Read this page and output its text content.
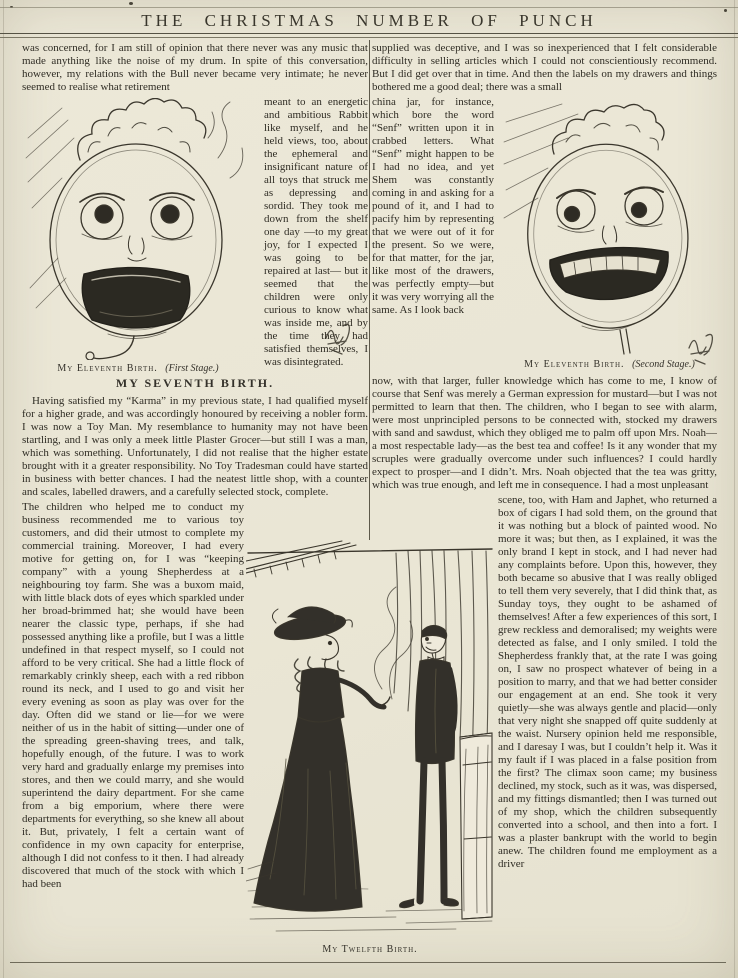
THE CHRISTMAS NUMBER OF PUNCH

was concerned, for I am still of opinion that there never was any music that made anything like the noise of my drum. In spite of this conversation, however, my relations with the Bull never became very intimate; he never seemed to realise what retirement

My Eleventh Birth. (First Stage.)

meant to an energetic and ambitious Rabbit like myself, and he held views, too, about the ephemeral and insignificant nature of all toys that struck me as depressing and sordid. They took me down from the shelf one day —to my great joy, for I expected I was going to be repaired at last— but it seemed that the children were only curious to know what was inside me, and by the time they had satisfied themselves, I was disintegrated.

MY SEVENTH BIRTH.

Having satisfied my “Karma” in my previous state, I had qualified myself for a higher grade, and was accordingly honoured by receiving a nobler form. I was now a Toy Man. My resemblance to humanity may not have been startling, and I was only a meek little Plaster Grocer—but still I was a man, which was something. Unfortunately, I did not realise that the higher estate brought with it a greater responsibility. No Toy Tradesman could have started in business with better chances. I had the neatest little shop, with a counter and scales, labelled drawers, and a carefully selected stock, complete.

The children who helped me to conduct my business recommended me to various toy customers, and did their utmost to complete my commercial training. Moreover, I had every motive for getting on, for I was “keeping company” with a young Shepherdess at a neighbouring toy farm. She was a buxom maid, with little black dots of eyes which sparkled under her broad-brimmed hat; she would have been nearer the classic type, perhaps, if she had possessed anything like a profile, but I was a little undefined in that respect myself, so I could not afford to be very critical. She had a little flock of remarkably crinkly sheep, each with a red ribbon round its neck, and I used to go and visit her every evening as soon as play was over for the day. Often did we stand or lie—for we were neither of us in the habit of sitting—under one of the spreading green-shaving trees, and talk, hopefully enough, of the future. I was to work very hard and gradually enlarge my premises into stores, and then we could marry, and she would superintend the dairy department. For she came from a big emporium, where there were departments for everything, so she knew all about it. But, privately, I felt a certain want of confidence in my own capacity for enterprise, although I did not confess to it then. I had already discovered that much of the stock with which I had been

supplied was deceptive, and I was so inexperienced that I felt considerable difficulty in selling articles which I could not conscientiously recommend. But I did get over that in time. And then the labels on my drawers and things bothered me a good deal; there was a small

My Eleventh Birth. (Second Stage.)

china jar, for instance, which bore the word “Senf” written upon it in crabbed letters. What “Senf” might happen to be I had no idea, and yet Shem was constantly coming in and asking for a pound of it, and I had to pacify him by representing that we were out of it for the present. So we were, for that matter, for the jar, like most of the drawers, was perfectly empty—but it was very worrying all the same. As I look back

now, with that larger, fuller knowledge which has come to me, I know of course that Senf was merely a German expression for mustard—but I was not permitted to learn that then. The children, who I began to see with alarm, were most unprincipled persons to be connected with, stocked my drawers with sand and sawdust, which they obliged me to palm off upon Mrs. Noah—a most respectable lady—as the best tea and coffee! Is it any wonder that my scruples were gradually overcome under such influences? I could hardly expect to prosper—and I didn’t. Mrs. Noah objected that the tea was gritty, which was true enough, and left me in consequence. I had a most unpleasant

scene, too, with Ham and Japhet, who returned a box of cigars I had sold them, on the ground that it was nothing but a block of painted wood. No more it was; but then, as I explained, it was the only brand I kept in stock, and I had never had any complaints before. Upon this, however, they both became so abusive that I was really obliged to tell them very severely, that I did think that, as Sunday toys, they ought to be ashamed of themselves! After a few experiences of this sort, I grew reckless and demoralised; my weights were detected as false, and I only smiled. I told the Shepherdess frankly that, at the rate I was going on, I saw no prospect whatever of being in a position to marry, and that we had better consider our engagement at an end. She took it very quietly—she was always gentle and placid—only that very night she snapped off quite suddenly at the waist. Nursery opinion held me responsible, and I daresay I was, but I couldn’t help it. Was it my fault if I was placed in a false position from the first? The climax soon came; my business declined, my stock, such as it was, was dispersed, and my fittings dismantled; then I was turned out of my shop, which the children subsequently converted into a school, and then into a fort. I was a plaster bankrupt with the world to begin anew. The children found me employment as a driver

My Twelfth Birth.
